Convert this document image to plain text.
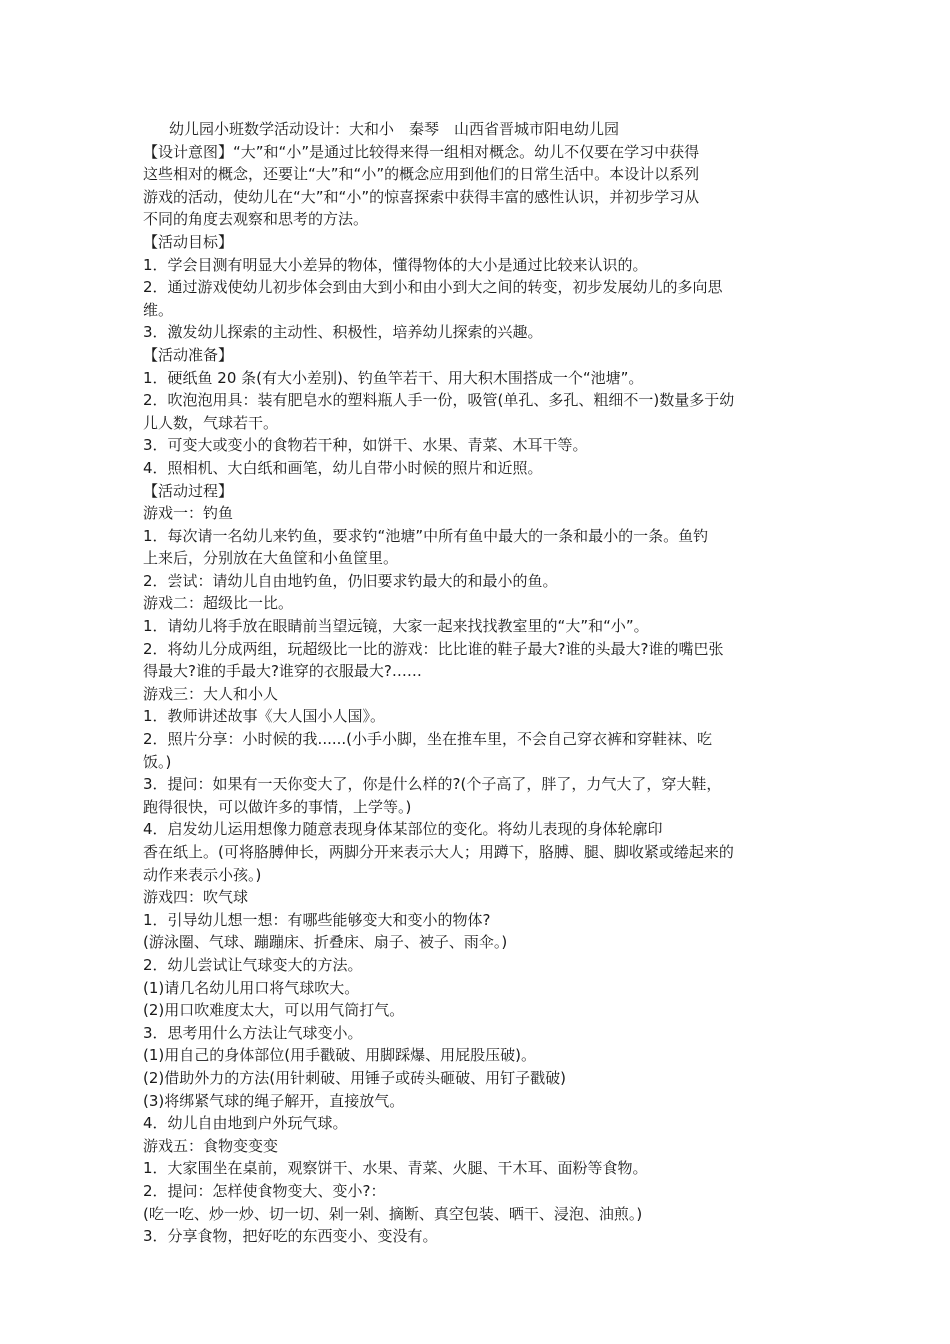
幼儿园小班数学活动设计：大和小　秦琴　山西省晋城市阳电幼儿园
【设计意图】“大”和“小”是通过比较得来得一组相对概念。幼儿不仅要在学习中获得
这些相对的概念，还要让“大”和“小”的概念应用到他们的日常生活中。本设计以系列
游戏的活动，使幼儿在“大”和“小”的惊喜探索中获得丰富的感性认识，并初步学习从
不同的角度去观察和思考的方法。
【活动目标】
1．学会目测有明显大小差异的物体，懂得物体的大小是通过比较来认识的。
2．通过游戏使幼儿初步体会到由大到小和由小到大之间的转变，初步发展幼儿的多向思
维。
3．激发幼儿探索的主动性、积极性，培养幼儿探索的兴趣。
【活动准备】
1．硬纸鱼 20 条(有大小差别)、钓鱼竿若干、用大积木围搭成一个“池塘”。
2．吹泡泡用具：装有肥皂水的塑料瓶人手一份，吸管(单孔、多孔、粗细不一)数量多于幼
儿人数，气球若干。
3．可变大或变小的食物若干种，如饼干、水果、青菜、木耳干等。
4．照相机、大白纸和画笔，幼儿自带小时候的照片和近照。
【活动过程】
游戏一：钓鱼
1．每次请一名幼儿来钓鱼，要求钓“池塘”中所有鱼中最大的一条和最小的一条。鱼钓
上来后，分别放在大鱼筐和小鱼筐里。
2．尝试：请幼儿自由地钓鱼，仍旧要求钓最大的和最小的鱼。
游戏二：超级比一比。
1．请幼儿将手放在眼睛前当望远镜，大家一起来找找教室里的“大”和“小”。
2．将幼儿分成两组，玩超级比一比的游戏：比比谁的鞋子最大?谁的头最大?谁的嘴巴张
得最大?谁的手最大?谁穿的衣服最大?……
游戏三：大人和小人
1．教师讲述故事《大人国小人国》。
2．照片分享：小时候的我......(小手小脚，坐在推车里，不会自己穿衣裤和穿鞋袜、吃
饭。)
3．提问：如果有一天你变大了，你是什么样的?(个子高了，胖了，力气大了，穿大鞋，
跑得很快，可以做许多的事情，上学等。)
4．启发幼儿运用想像力随意表现身体某部位的变化。将幼儿表现的身体轮廓印
香在纸上。(可将胳膊伸长，两脚分开来表示大人；用蹲下，胳膊、腿、脚收紧或绻起来的
动作来表示小孩。)
游戏四：吹气球
1．引导幼儿想一想：有哪些能够变大和变小的物体?
(游泳圈、气球、蹦蹦床、折叠床、扇子、被子、雨伞。)
2．幼儿尝试让气球变大的方法。
(1)请几名幼儿用口将气球吹大。
(2)用口吹难度太大，可以用气筒打气。
3．思考用什么方法让气球变小。
(1)用自己的身体部位(用手戳破、用脚踩爆、用屁股压破)。
(2)借助外力的方法(用针刺破、用锤子或砖头砸破、用钉子戳破)
(3)将绑紧气球的绳子解开，直接放气。
4．幼儿自由地到户外玩气球。
游戏五：食物变变变
1．大家围坐在桌前，观察饼干、水果、青菜、火腿、干木耳、面粉等食物。
2．提问：怎样使食物变大、变小?：
(吃一吃、炒一炒、切一切、剁一剁、摘断、真空包装、晒干、浸泡、油煎。)
3．分享食物，把好吃的东西变小、变没有。
